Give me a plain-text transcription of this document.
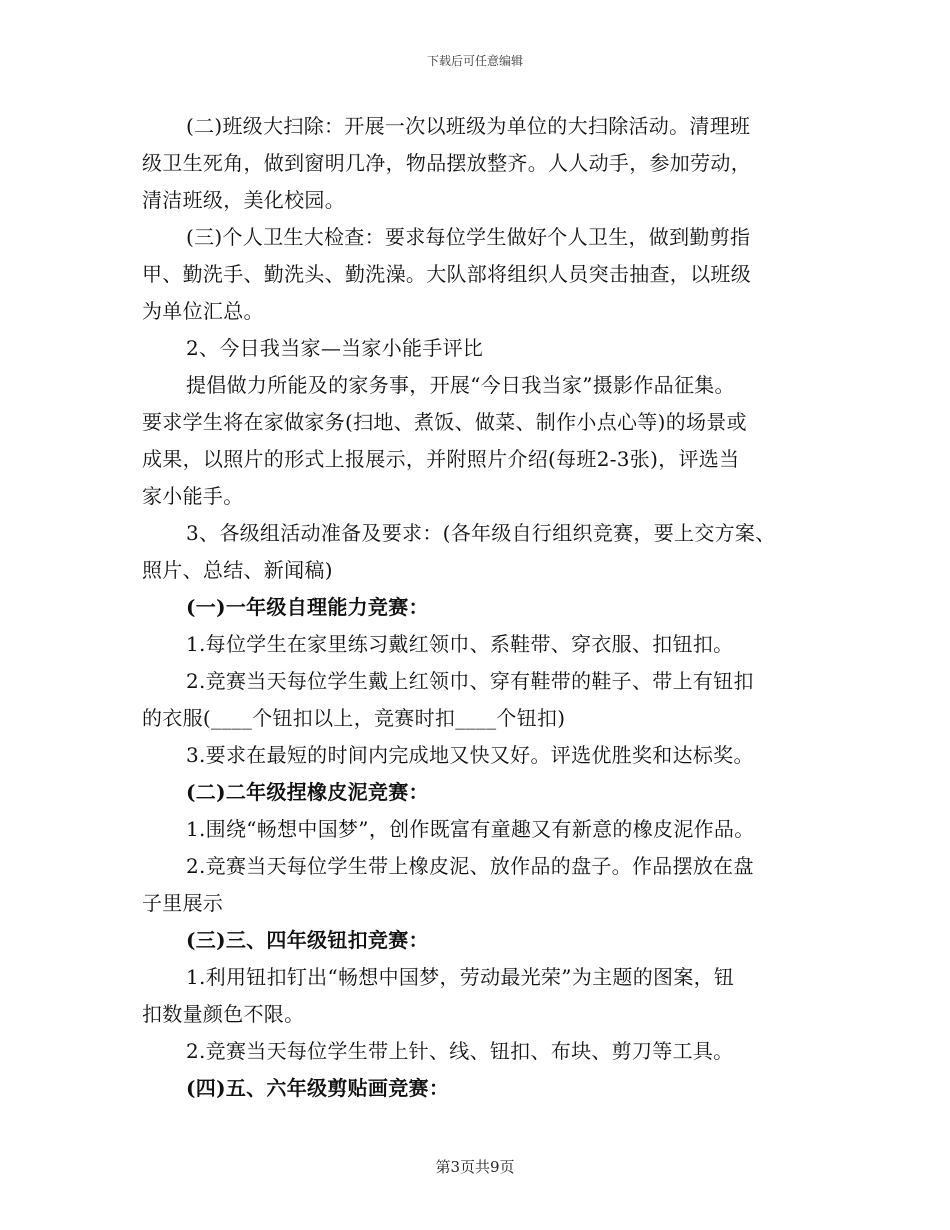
下载后可任意编辑
(二)班级大扫除：开展一次以班级为单位的大扫除活动。清理班
级卫生死角，做到窗明几净，物品摆放整齐。人人动手，参加劳动，
清洁班级，美化校园。
(三)个人卫生大检查：要求每位学生做好个人卫生，做到勤剪指
甲、勤洗手、勤洗头、勤洗澡。大队部将组织人员突击抽查，以班级
为单位汇总。
2、今日我当家—当家小能手评比
提倡做力所能及的家务事，开展“今日我当家”摄影作品征集。
要求学生将在家做家务(扫地、煮饭、做菜、制作小点心等)的场景或
成果，以照片的形式上报展示，并附照片介绍(每班2-3张)，评选当
家小能手。
3、各级组活动准备及要求：(各年级自行组织竞赛，要上交方案、
照片、总结、新闻稿)
(一)一年级自理能力竞赛：
1.每位学生在家里练习戴红领巾、系鞋带、穿衣服、扣钮扣。
2.竞赛当天每位学生戴上红领巾、穿有鞋带的鞋子、带上有钮扣
的衣服(____个钮扣以上，竞赛时扣____个钮扣)
3.要求在最短的时间内完成地又快又好。评选优胜奖和达标奖。
(二)二年级捏橡皮泥竞赛：
1.围绕“畅想中国梦”，创作既富有童趣又有新意的橡皮泥作品。
2.竞赛当天每位学生带上橡皮泥、放作品的盘子。作品摆放在盘
子里展示
(三)三、四年级钮扣竞赛：
1.利用钮扣钉出“畅想中国梦，劳动最光荣”为主题的图案，钮
扣数量颜色不限。
2.竞赛当天每位学生带上针、线、钮扣、布块、剪刀等工具。
(四)五、六年级剪贴画竞赛：
第3页共9页
